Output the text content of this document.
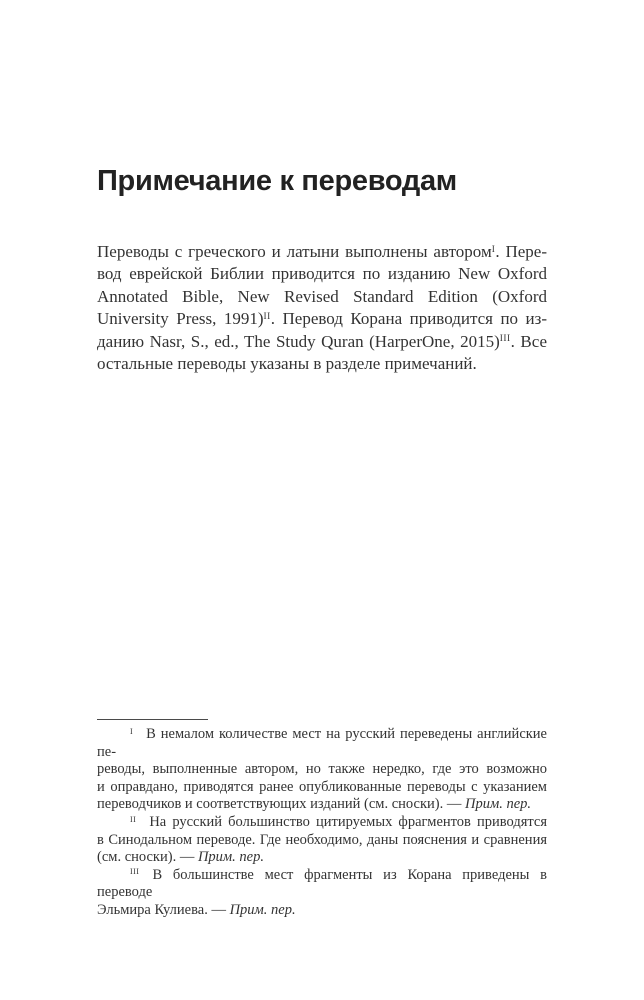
Примечание к переводам
Переводы с греческого и латыни выполнены автором$^I$. Пере-
вод еврейской Библии приводится по изданию New Oxford
Annotated Bible, New Revised Standard Edition (Oxford
University Press, 1991)$^{II}$. Перевод Корана приводится по из-
данию Nasr, S., ed., The Study Quran (HarperOne, 2015)$^{III}$. Все
остальные переводы указаны в разделе примечаний.
$^I$ В немалом количестве мест на русский переведены английские пе-
реводы, выполненные автором, но также нередко, где это возможно
и оправдано, приводятся ранее опубликованные переводы с указанием
переводчиков и соответствующих изданий (см. сноски). — Прим. пер.
$^{II}$ На русский большинство цитируемых фрагментов приводятся
в Синодальном переводе. Где необходимо, даны пояснения и сравнения
(см. сноски). — Прим. пер.
$^{III}$ В большинстве мест фрагменты из Корана приведены в переводе
Эльмира Кулиева. — Прим. пер.
